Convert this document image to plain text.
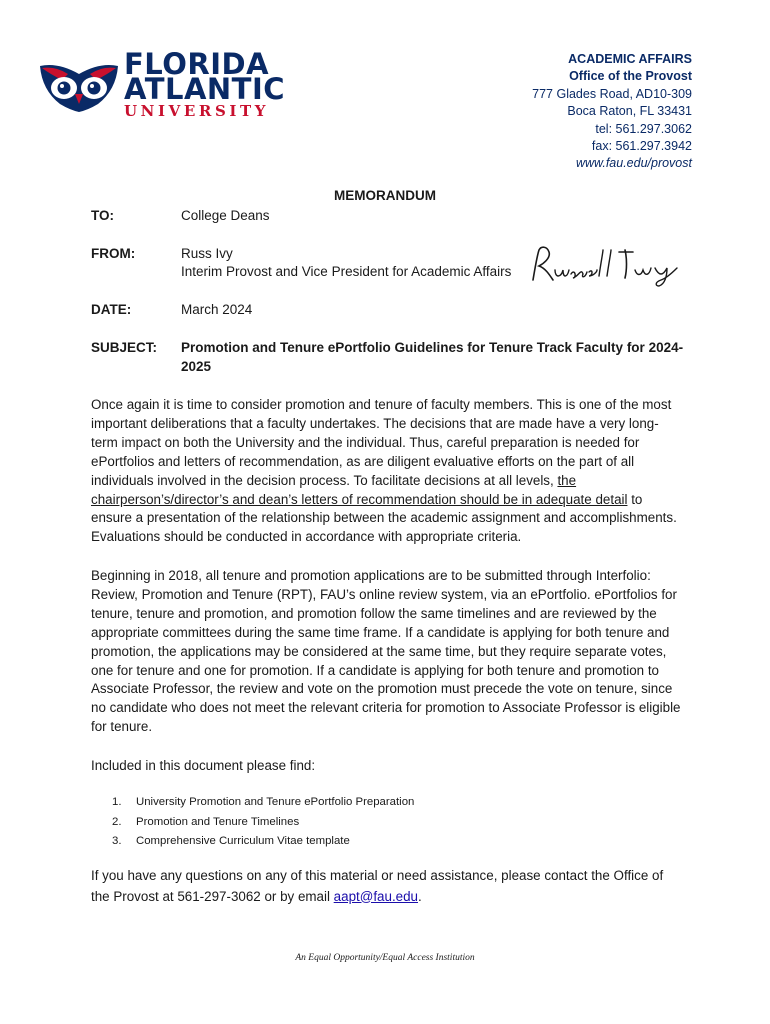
FLORIDA
ATLANTIC
UNIVERSITY
ACADEMIC AFFAIRS
Office of the Provost
777 Glades Road, AD10-309
Boca Raton, FL 33431
tel: 561.297.3062
fax: 561.297.3942
www.fau.edu/provost
MEMORANDUM
TO:	College Deans
FROM:	Russ Ivy
Interim Provost and Vice President for Academic Affairs
DATE:	March 2024
SUBJECT: Promotion and Tenure ePortfolio Guidelines for Tenure Track Faculty for 2024-
2025
Once again it is time to consider promotion and tenure of faculty members. This is one of the most important deliberations that a faculty undertakes. The decisions that are made have a very long-term impact on both the University and the individual. Thus, careful preparation is needed for ePortfolios and letters of recommendation, as are diligent evaluative efforts on the part of all individuals involved in the decision process. To facilitate decisions at all levels, the chairperson’s/director’s and dean’s letters of recommendation should be in adequate detail to ensure a presentation of the relationship between the academic assignment and accomplishments. Evaluations should be conducted in accordance with appropriate criteria.
Beginning in 2018, all tenure and promotion applications are to be submitted through Interfolio: Review, Promotion and Tenure (RPT), FAU’s online review system, via an ePortfolio. ePortfolios for tenure, tenure and promotion, and promotion follow the same timelines and are reviewed by the appropriate committees during the same time frame. If a candidate is applying for both tenure and promotion, the applications may be considered at the same time, but they require separate votes, one for tenure and one for promotion. If a candidate is applying for both tenure and promotion to Associate Professor, the review and vote on the promotion must precede the vote on tenure, since no candidate who does not meet the relevant criteria for promotion to Associate Professor is eligible for tenure.
Included in this document please find:
1. University Promotion and Tenure ePortfolio Preparation
2. Promotion and Tenure Timelines
3. Comprehensive Curriculum Vitae template
If you have any questions on any of this material or need assistance, please contact the Office of the Provost at 561-297-3062 or by email aapt@fau.edu.
An Equal Opportunity/Equal Access Institution
